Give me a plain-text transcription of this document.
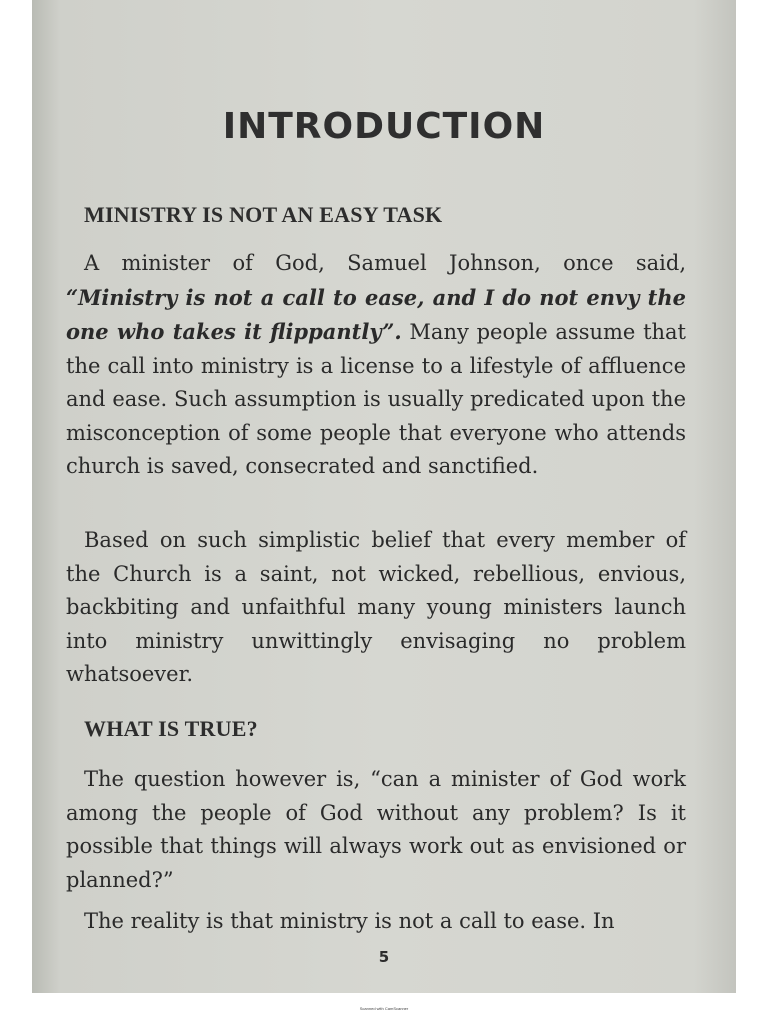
INTRODUCTION
MINISTRY IS NOT AN EASY TASK

A minister of God, Samuel Johnson, once said, “Ministry is not a call to ease, and I do not envy the one who takes it flippantly”. Many people assume that the call into ministry is a license to a lifestyle of affluence and ease. Such assumption is usually predicated upon the misconception of some people that everyone who attends church is saved, consecrated and sanctified.

Based on such simplistic belief that every member of the Church is a saint, not wicked, rebellious, envious, backbiting and unfaithful many young ministers launch into ministry unwittingly envisaging no problem whatsoever.

WHAT IS TRUE?

The question however is, “can a minister of God work among the people of God without any problem? Is it possible that things will always work out as envisioned or planned?”

The reality is that ministry is not a call to ease. In

5
Scanned with CamScanner
